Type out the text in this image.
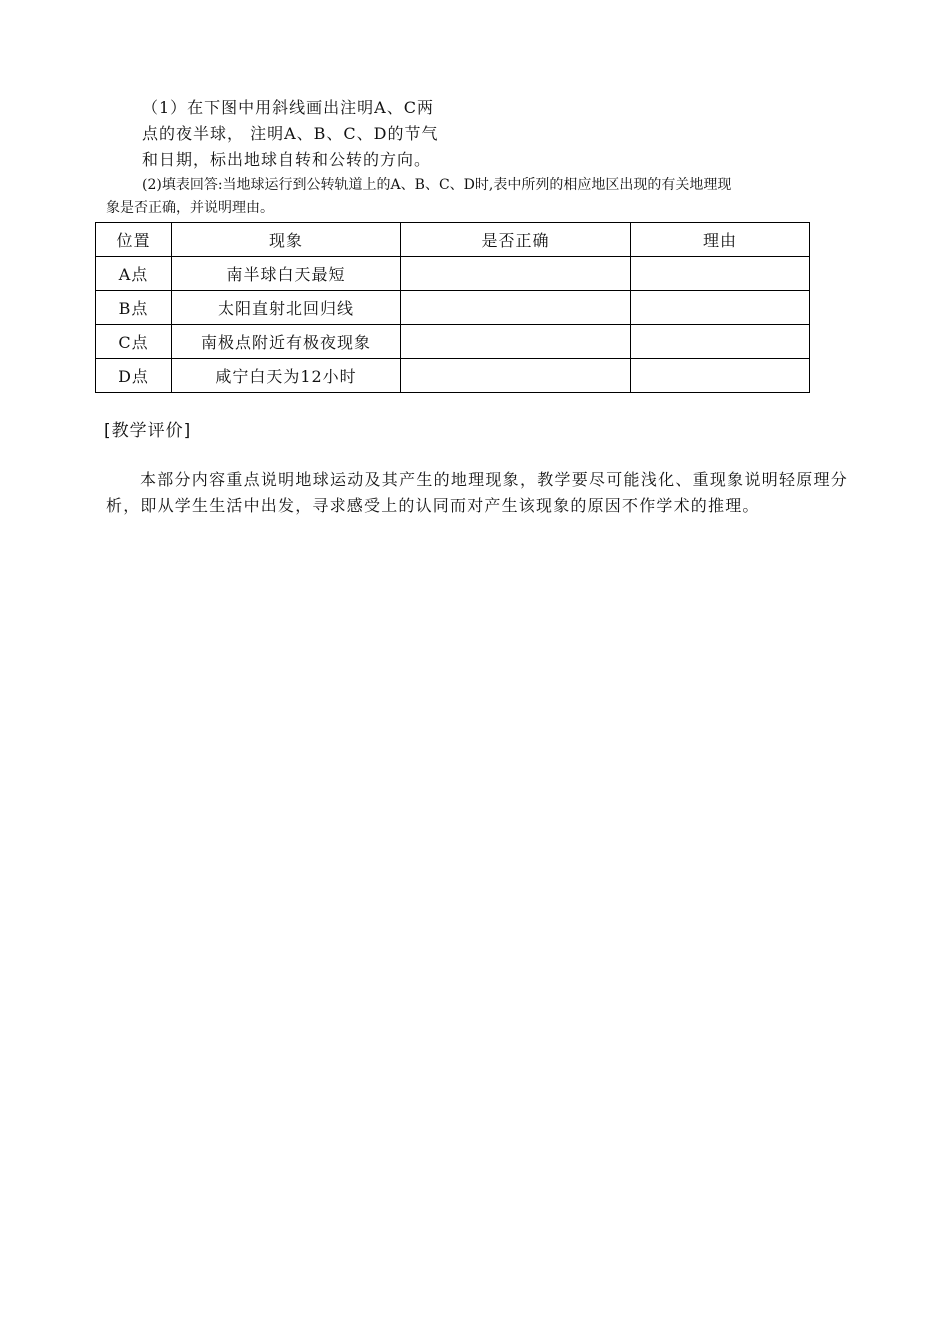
（1）在下图中用斜线画出注明A、C两
点的夜半球， 注明A、B、C、D的节气
和日期，标出地球自转和公转的方向。
(2)填表回答:当地球运行到公转轨道上的A、B、C、D时,表中所列的相应地区出现的有关地理现
象是否正确，并说明理由。
位置	现象	是否正确	理由
A点	南半球白天最短		
B点	太阳直射北回归线		
C点	南极点附近有极夜现象		
D点	咸宁白天为12小时		
[教学评价]
本部分内容重点说明地球运动及其产生的地理现象，教学要尽可能浅化、重现象说明轻原理分析，即从学生生活中出发，寻求感受上的认同而对产生该现象的原因不作学术的推理。
